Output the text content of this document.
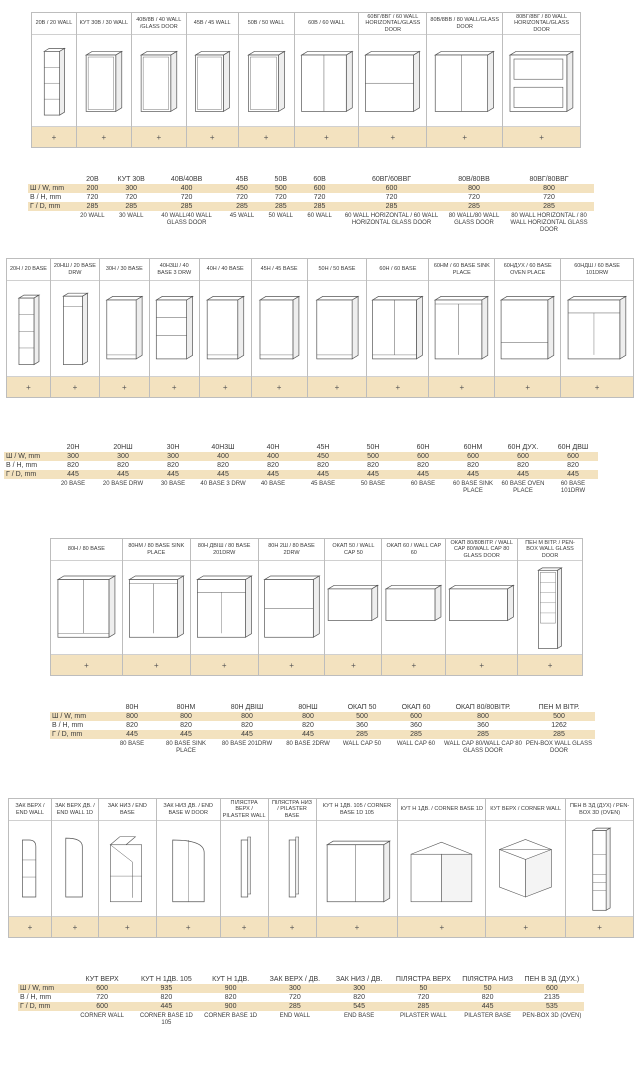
20В / 20 WALL
+
КУТ 30В / 30 WALL
+
40В/8В / 40 WALL /GLASS DOOR
+
45В / 45 WALL
+
50В / 50 WALL
+
60В / 60 WALL
+
60ВГ/8ВГ / 60 WALL HORIZONTAL/GLASS DOOR
+
80В/8ВВ / 80 WALL/GLASS DOOR
+
80ВГ/8ВГ / 80 WALL HORIZONTAL/GLASS DOOR
+
	20В	КУТ 30В	40В/40ВВ	45В	50В	60В	60ВГ/60ВВГ	80В/80ВВ	80ВГ/80ВВГ
Ш / W, mm	200	300	400	450	500	600	600	800	800
В / Н, mm	720	720	720	720	720	720	720	720	720
Г / D, mm	285	285	285	285	285	285	285	285	285
	20 WALL	30 WALL	40 WALL/40 WALL GLASS DOOR	45 WALL	50 WALL	60 WALL	60 WALL HORIZONTAL / 60 WALL HORIZONTAL GLASS DOOR	80 WALL/80 WALL GLASS DOOR	80 WALL HORIZONTAL / 80 WALL HORIZONTAL GLASS DOOR
20Н / 20 BASE
+
20НШ / 20 BASE DRW
+
30Н / 30 BASE
+
40Н3Ш / 40 BASE 3 DRW
+
40Н / 40 BASE
+
45Н / 45 BASE
+
50Н / 50 BASE
+
60Н / 60 BASE
+
60НМ / 60 BASE SINK PLACE
+
60НДУХ / 60 BASE OVEN PLACE
+
60НДШ / 60 BASE 101DRW
+
	20Н	20НШ	30Н	40Н3Ш	40Н	45Н	50Н	60Н	60НМ	60Н ДУХ.	60Н ДВШ
Ш / W, mm	300	300	300	400	400	450	500	600	600	600	600
В / Н, mm	820	820	820	820	820	820	820	820	820	820	820
Г / D, mm	445	445	445	445	445	445	445	445	445	445	445
	20 BASE	20 BASE DRW	30 BASE	40 BASE 3 DRW	40 BASE	45 BASE	50 BASE	60 BASE	60 BASE SINK PLACE	60 BASE OVEN PLACE	60 BASE 101DRW
80Н / 80 BASE
+
80НМ / 80 BASE SINK PLACE
+
80Н ДВІШ / 80 BASE 201DRW
+
80Н 2Ш / 80 BASE 2DRW
+
ОКАП 50 / WALL CAP 50
+
ОКАП 60 / WALL CAP 60
+
ОКАП 80/80ВІТР. / WALL CAP 80/WALL CAP 80 GLASS DOOR
+
ПЕН М ВІТР. / PEN-BOX WALL GLASS DOOR
+
	80Н	80НМ	80Н ДВІШ	80НШ	ОКАП 50	ОКАП 60	ОКАП 80/80ВІТР.	ПЕН М ВІТР.
Ш / W, mm	800	800	800	800	500	600	800	500
В / Н, mm	820	820	820	820	360	360	360	1262
Г / D, mm	445	445	445	445	285	285	285	285
	80 BASE	80 BASE SINK PLACE	80 BASE 201DRW	80 BASE 2DRW	WALL CAP 50	WALL CAP 60	WALL CAP 80/WALL CAP 80 GLASS DOOR	PEN-BOX WALL GLASS DOOR
ЗАК ВЕРХ / END WALL
+
ЗАК ВЕРХ ДВ. / END WALL 1D
+
ЗАК НИЗ / END BASE
+
ЗАК НИЗ ДВ. / END BASE W DOOR
+
ПІЛЯСТРА ВЕРХ / PILASTER WALL
+
ПІЛЯСТРА НИЗ / PILASTER BASE
+
КУТ Н 1ДВ. 105 / CORNER BASE 1D 105
+
КУТ Н 1ДВ. / CORNER BASE 1D
+
КУТ ВЕРХ / CORNER WALL
+
ПЕН В ЗД (ДУХ) / PEN-BOX 3D (OVEN)
+
	КУТ ВЕРХ	КУТ Н 1ДВ. 105	КУТ Н 1ДВ.	ЗАК ВЕРХ / ДВ.	ЗАК НИЗ / ДВ.	ПІЛЯСТРА ВЕРХ	ПІЛЯСТРА НИЗ	ПЕН В ЗД (ДУХ.)
Ш / W, mm	600	935	900	300	300	50	50	600
В / Н, mm	720	820	820	720	820	720	820	2135
Г / D, mm	600	445	900	285	545	285	445	535
	CORNER WALL	CORNER BASE 1D 105	CORNER BASE 1D	END WALL	END BASE	PILASTER WALL	PILASTER BASE	PEN-BOX 3D (OVEN)
